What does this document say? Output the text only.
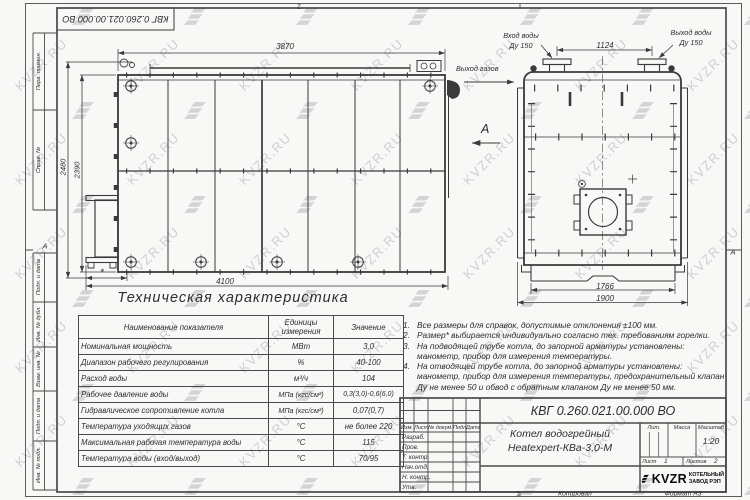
КВГ 0.260.021.00.000 ВО
2
1
А
А
Копировал	Формат А3
Перв. примен.
Справ. №
Подп. и дата
Инв. № дубл.
Взам. инв. №
Подп. и дата
Инв. № подл.
3870
2480 2390
4100
*
1124
1766
1900
Вход воды
Ду 150
Выход воды
Ду 150
Выход газов
А
Техническая характеристика
Наименование показателя	Единицы измерения	Значение
Номинальная мощность	МВт	3,0
Диапазон рабочего регулирования	%	40-100
Расход воды	м³/ч	104
Рабочее давление воды	МПа (кгс/см²)	0,3(3,0)-0,6(6,0)
Гидравлическое сопротивление котла	МПа (кгс/см²)	0,07(0,7)
Температура уходящих газов	°С	не более 220
Максимальная рабочая температура воды	°С	115
Температура воды (вход/выход)	°С	70/95
1. Все размеры для справок, допустимые отклонения ±100 мм.
2. Размер* выбирается индивидуально согласно тех. требованиям горелки.
3. На подводящей трубе котла, до запорной арматуры установлены: манометр, прибор для измерения температуры.
4. На отводящей трубе котла, до запорной арматуры установлены: манометр, прибор для измерения температуры, предохранительный клапан Ду не менее 50 и обвод с обратным клапаном Ду не менее 50 мм.
КВГ 0.260.021.00.000 ВО
Котел водогрейный
Heatexpert-КВа-3,0-М
Изм. Лист № докум. Подп.
Дата
Разраб.
Пров.
Т. контр.
Нач.отд.
Н. контр.
Утв.
Лит.	Масса	Масштаб
1:20
Лист	1	Листов	2
KVZR КОТЕЛЬНЫЙ
ЗАВОД РЭП
